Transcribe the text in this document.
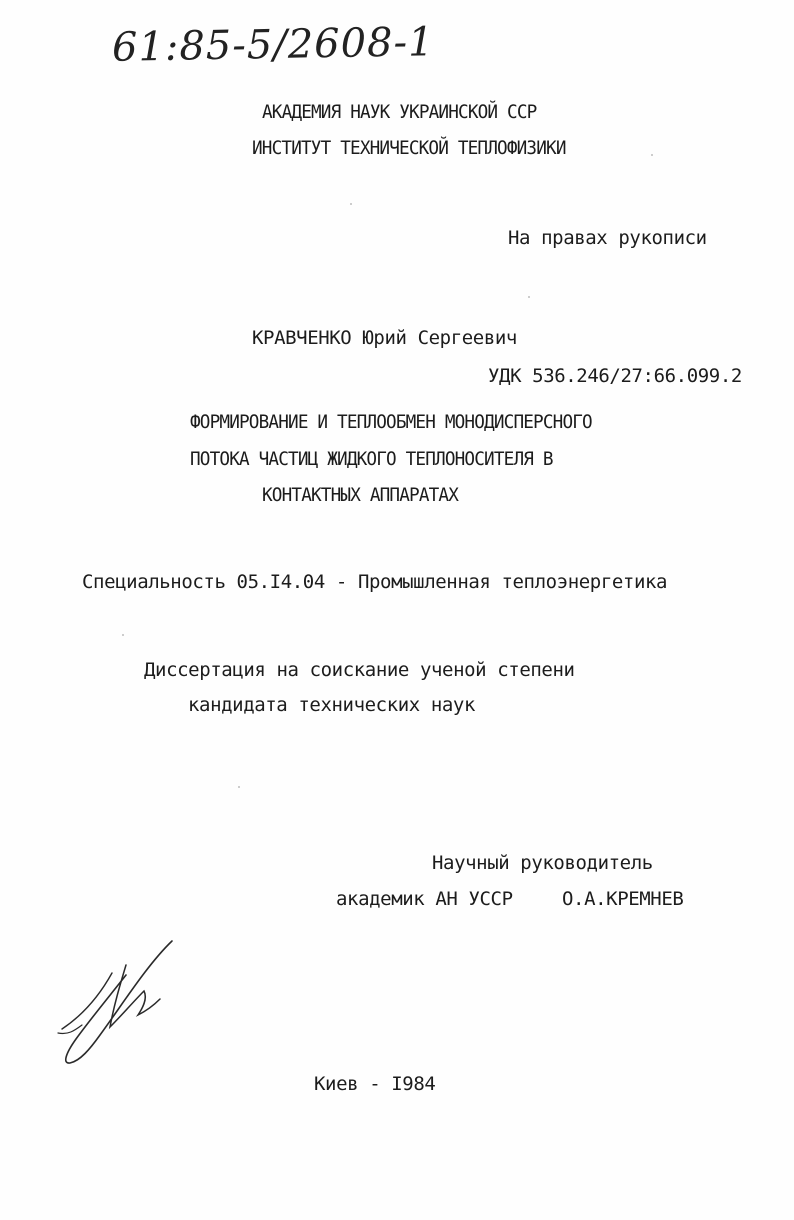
61:85-5/2608-1
АКАДЕМИЯ НАУК УКРАИНСКОЙ ССР
ИНСТИТУТ ТЕХНИЧЕСКОЙ ТЕПЛОФИЗИКИ
На правах рукописи
КРАВЧЕНКО Юрий Сергеевич
УДК 536.246/27:66.099.2
ФОРМИРОВАНИЕ И ТЕПЛООБМЕН МОНОДИСПЕРСНОГО
ПОТОКА ЧАСТИЦ ЖИДКОГО ТЕПЛОНОСИТЕЛЯ В
КОНТАКТНЫХ АППАРАТАХ
Специальность 05.I4.04 - Промышленная теплоэнергетика
Диссертация на соискание ученой степени
кандидата технических наук
Научный руководитель
академик АН УССР	О.А.КРЕМНЕВ
Киев - I984
